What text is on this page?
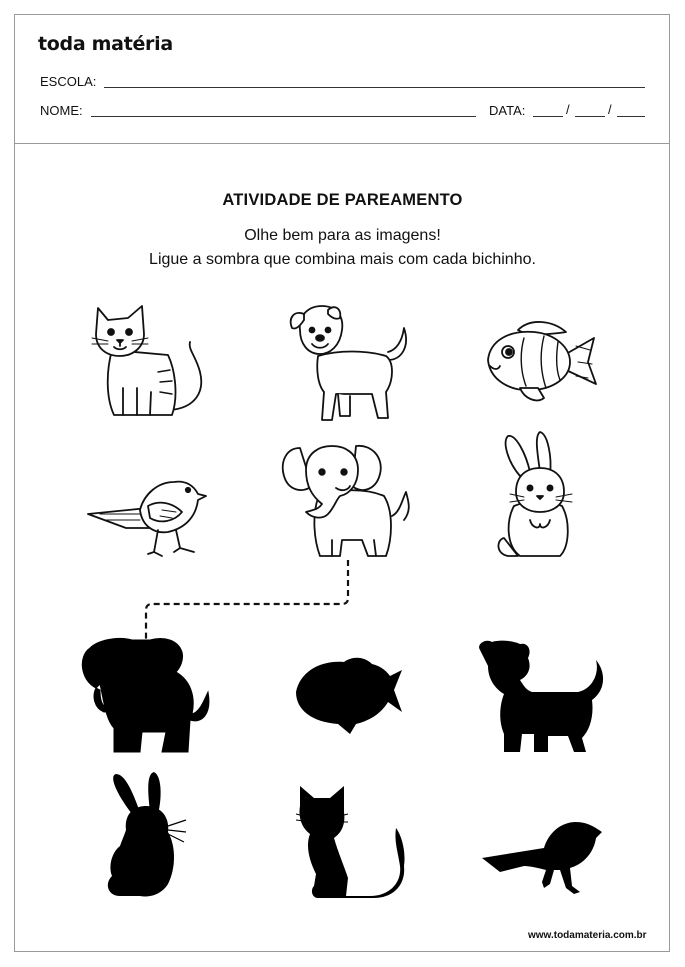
toda matéria
ESCOLA:
NOME:	DATA:	/	/
ATIVIDADE DE PAREAMENTO
Olhe bem para as imagens!
Ligue a sombra que combina mais com cada bichinho.
www.todamateria.com.br
